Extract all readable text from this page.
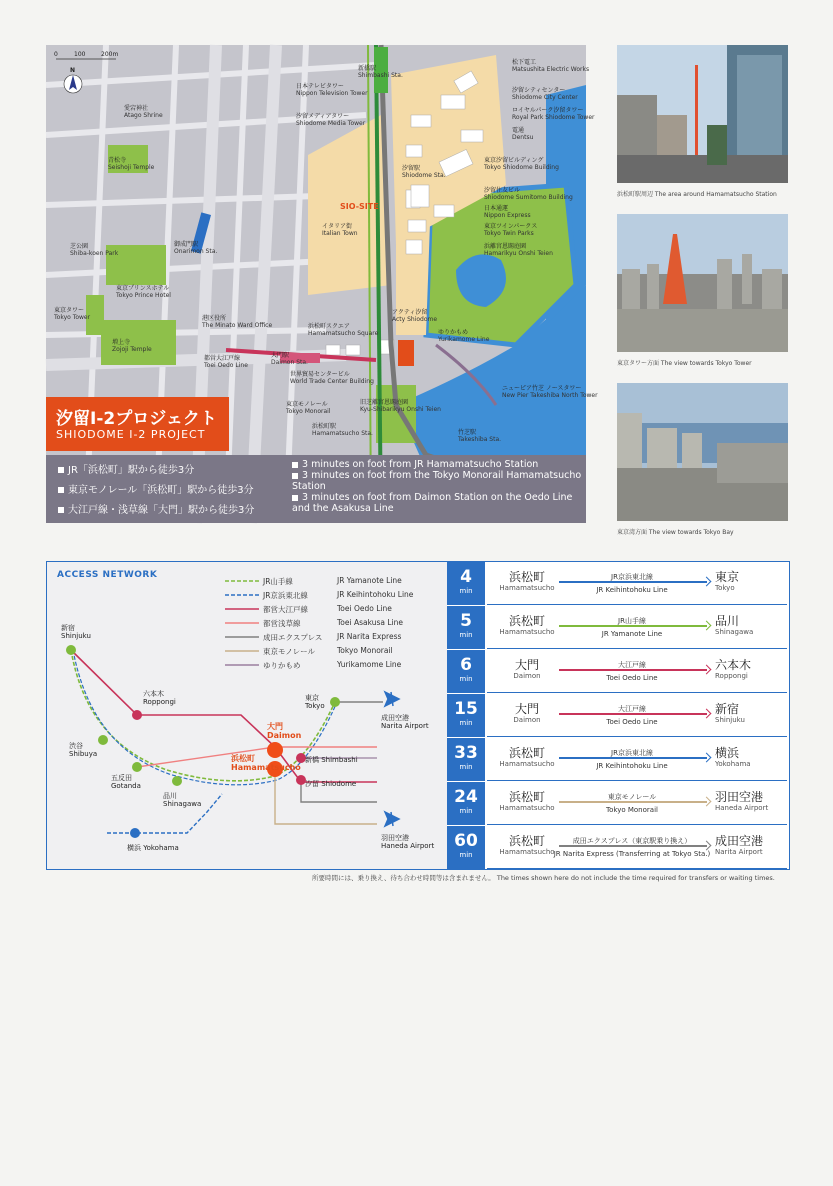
0	100	200m
N
愛宕神社
Atago Shrine
青松寺
Seishoji Temple
芝公園
Shiba-koen Park
東京プリンスホテル
Tokyo Prince Hotel
東京タワー
Tokyo Tower
増上寺
Zojoji Temple
港区役所
The Minato Ward Office
都営大江戸線
Toei Oedo Line
御成門駅
Onarimon Sta.
大門駅
Daimon Sta.
日本テレビタワー
Nippon Television Tower
汐留メディアタワー
Shiodome Media Tower
新橋駅
Shimbashi Sta.
汐留駅
Shiodome Sta.
イタリア街
Italian Town
浜松町スクエア
Hamamatsucho Square
世界貿易センタービル
World Trade Center Building
東京モノレール
Tokyo Monorail
浜松町駅
Hamamatsucho Sta.
旧芝離宮恩賜庭園
Kyu-Shibarikyu Onshi Teien
松下電工
Matsushita Electric Works
汐留シティセンター
Shiodome City Center
ロイヤルパーク汐留タワー
Royal Park Shiodome Tower
電通
Dentsu
東京汐留ビルディング
Tokyo Shiodome Building
汐留住友ビル
Shiodome Sumitomo Building
日本通運
Nippon Express
東京ツインパークス
Tokyo Twin Parks
浜離宮恩賜庭園
Hamarikyu Onshi Teien
アクティ汐留
Acty Shiodome
ゆりかもめ
Yurikamome Line
ニューピア竹芝 ノースタワー
New Pier Takeshiba North Tower
竹芝駅
Takeshiba Sta.
SIO-SITE
汐留I-2プロジェクト
SHIODOME I-2 PROJECT
JR「浜松町」駅から徒歩3分
東京モノレール「浜松町」駅から徒歩3分
大江戸線・浅草線「大門」駅から徒歩3分
3 minutes on foot from JR Hamamatsucho Station
3 minutes on foot from the Tokyo Monorail Hamamatsucho Station
3 minutes on foot from Daimon Station on the Oedo Line and the Asakusa Line
浜松町駅周辺 The area around Hamamatsucho Station
東京タワー方面 The view towards Tokyo Tower
東京湾方面 The view towards Tokyo Bay
ACCESS NETWORK
JR山手線	JR Yamanote Line
JR京浜東北線	JR Keihintohoku Line
都営大江戸線	Toei Oedo Line
都営浅草線	Toei Asakusa Line
成田エクスプレス JR Narita Express
東京モノレール	Tokyo Monorail
ゆりかもめ	Yurikamome Line
新宿
Shinjuku
六本木
Roppongi
渋谷
Shibuya
五反田
Gotanda
品川
Shinagawa
横浜 Yokohama
東京
Tokyo
大門
Daimon
浜松町
Hamamatsucho
新橋 Shimbashi
汐留 Shiodome
成田空港
Narita Airport
羽田空港
Haneda Airport
4
min
浜松町
Hamamatsucho
JR京浜東北線
JR Keihintohoku Line
東京
Tokyo
5
min
浜松町
Hamamatsucho
JR山手線
JR Yamanote Line
品川
Shinagawa
6
min
大門
Daimon
大江戸線
Toei Oedo Line
六本木
Roppongi
15
min
大門
Daimon
大江戸線
Toei Oedo Line
新宿
Shinjuku
33
min
浜松町
Hamamatsucho
JR京浜東北線
JR Keihintohoku Line
横浜
Yokohama
24
min
浜松町
Hamamatsucho
東京モノレール
Tokyo Monorail
羽田空港
Haneda Airport
60
min
浜松町
Hamamatsucho
成田エクスプレス（東京駅乗り換え）
JR Narita Express (Transferring at Tokyo Sta.)
成田空港
Narita Airport
所要時間には、乗り換え、待ち合わせ時間等は含まれません。 The times shown here do not include the time required for transfers or waiting times.
